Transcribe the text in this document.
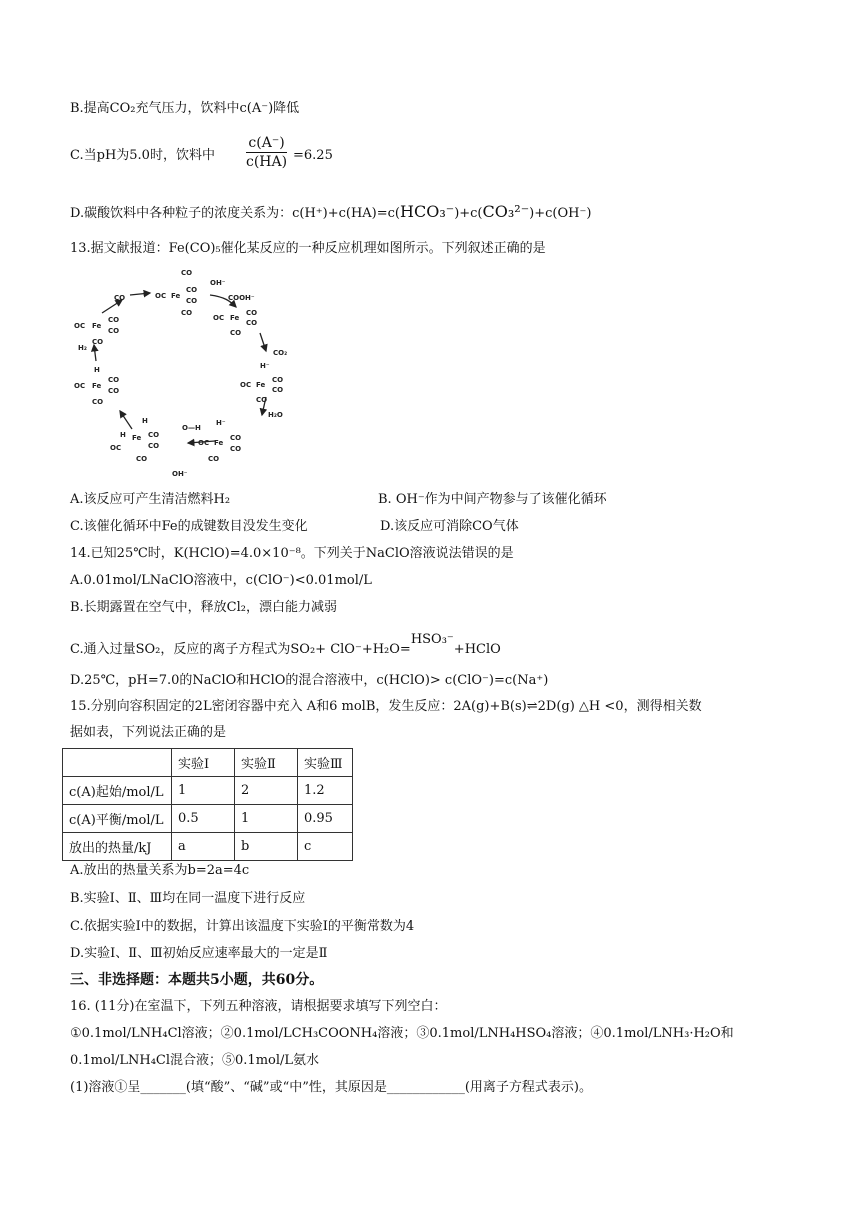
B.提高CO₂充气压力，饮料中c(A⁻)降低
C.当pH为5.0时，饮料中 $\frac{c(A^-)}{c(HA)} =6.25$
D.碳酸饮料中各种粒子的浓度关系为：c(H⁺)+c(HA)=c(HCO₃⁻)+c(CO₃²⁻)+c(OH⁻)
13.据文献报道：Fe(CO)₅催化某反应的一种反应机理如图所示。下列叙述正确的是
CO
OC Fe
CO
CO
CO
OH⁻
COOH⁻
OC Fe
CO
CO
CO
CO₂
H⁻
OC Fe
CO
CO
CO
H₂O
O—H
H⁻
OC Fe
CO
CO
CO
OH⁻
H
H Fe
OC
CO
CO
CO
H
OC Fe
CO
CO
CO
H₂
OC Fe
CO
CO
CO
CO
A.该反应可产生清洁燃料H₂	B. OH⁻作为中间产物参与了该催化循环
C.该催化循环中Fe的成键数目没发生变化	D.该反应可消除CO气体
14.已知25℃时，K(HClO)=4.0×10⁻⁸。下列关于NaClO溶液说法错误的是
A.0.01mol/LNaClO溶液中，c(ClO⁻)<0.01mol/L
B.长期露置在空气中，释放Cl₂，漂白能力减弱
C.通入过量SO₂，反应的离子方程式为SO₂+ ClO⁻+H₂O=HSO₃⁻+HClO
D.25℃，pH=7.0的NaClO和HClO的混合溶液中，c(HClO)> c(ClO⁻)=c(Na⁺)
15.分别向容积固定的2L密闭容器中充入 A和6 molB，发生反应：2A(g)+B(s)⇌2D(g) △H <0，测得相关数
据如表，下列说法正确的是
	实验Ⅰ	实验Ⅱ	实验Ⅲ
c(A)起始/mol/L	1	2	1.2
c(A)平衡/mol/L	0.5	1	0.95
放出的热量/kJ	a	b	c
A.放出的热量关系为b=2a=4c
B.实验Ⅰ、Ⅱ、Ⅲ均在同一温度下进行反应
C.依据实验Ⅰ中的数据，计算出该温度下实验Ⅰ的平衡常数为4
D.实验Ⅰ、Ⅱ、Ⅲ初始反应速率最大的一定是Ⅱ
三、非选择题：本题共5小题，共60分。
16. (11分)在室温下，下列五种溶液，请根据要求填写下列空白：
①0.1mol/LNH₄Cl溶液；②0.1mol/LCH₃COONH₄溶液；③0.1mol/LNH₄HSO₄溶液；④0.1mol/LNH₃·H₂O和
0.1mol/LNH₄Cl混合液；⑤0.1mol/L氨水
(1)溶液①呈_______(填“酸”、“碱”或“中”性，其原因是____________(用离子方程式表示)。
